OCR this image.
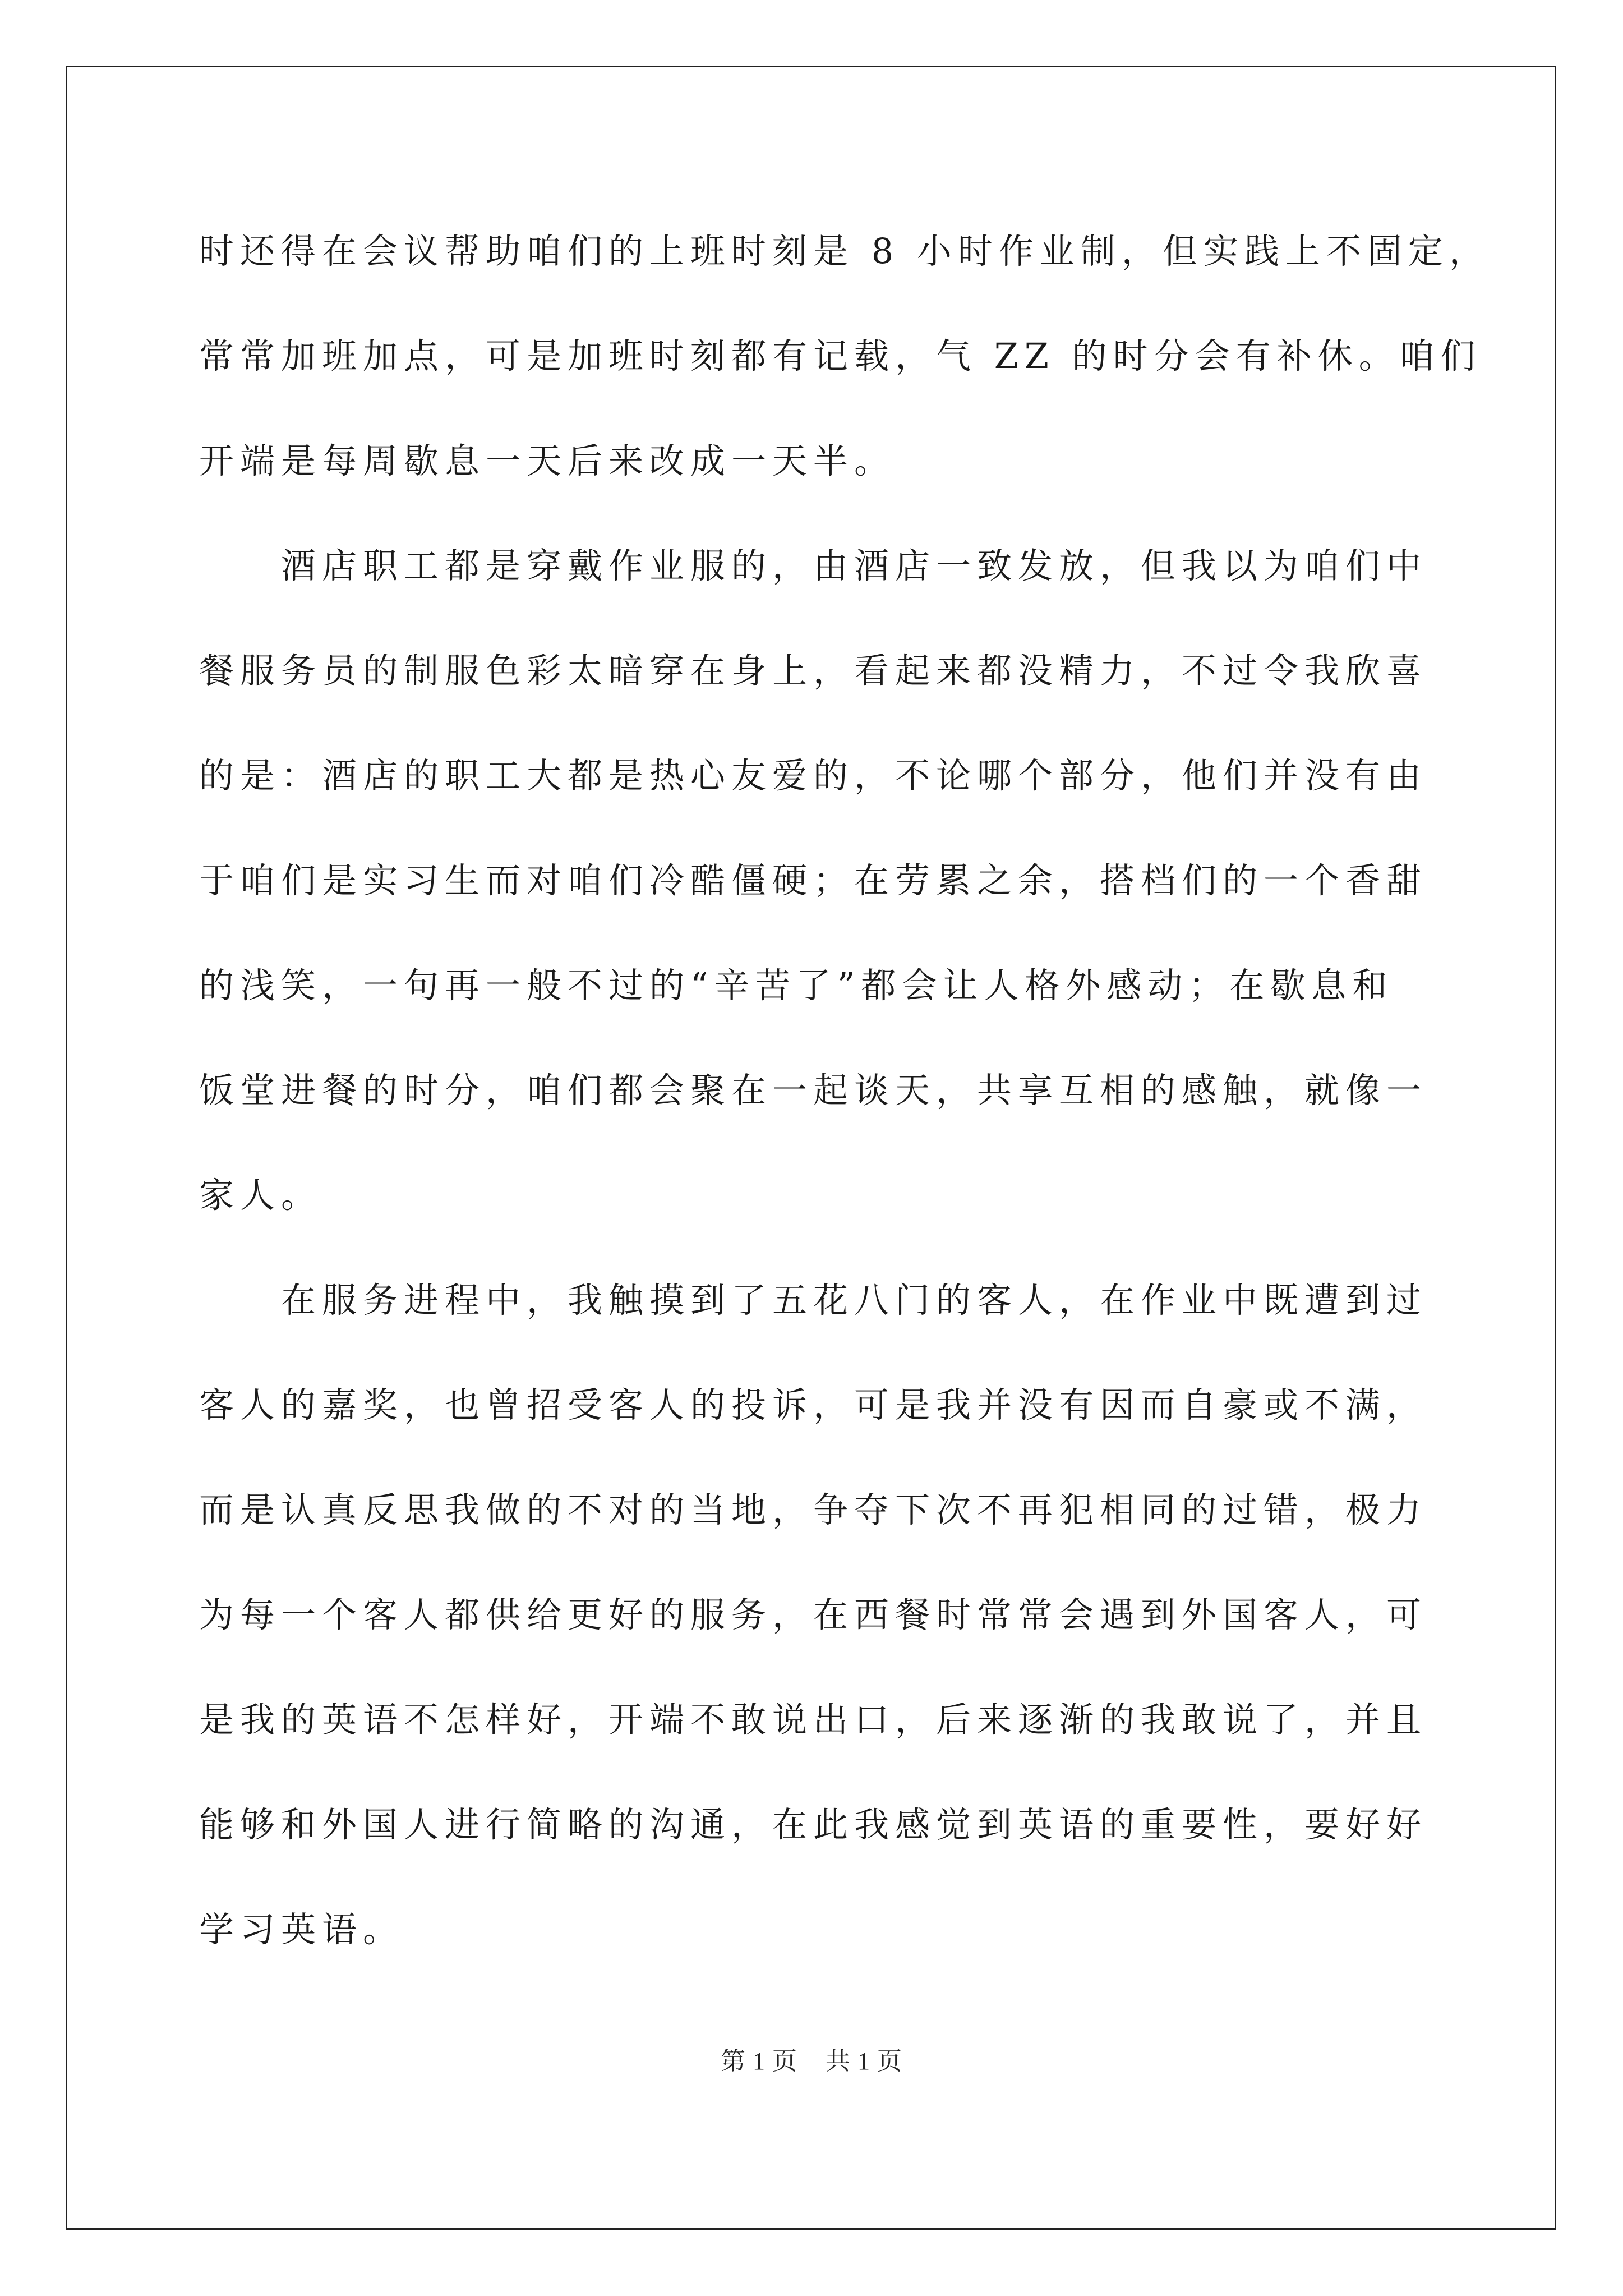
时还得在会议帮助咱们的上班时刻是 8 小时作业制，但实践上不固定，
常常加班加点，可是加班时刻都有记载，气 ZZ 的时分会有补休。咱们
开端是每周歇息一天后来改成一天半。
酒店职工都是穿戴作业服的，由酒店一致发放，但我以为咱们中
餐服务员的制服色彩太暗穿在身上，看起来都没精力，不过令我欣喜
的是：酒店的职工大都是热心友爱的，不论哪个部分，他们并没有由
于咱们是实习生而对咱们冷酷僵硬；在劳累之余，搭档们的一个香甜
的浅笑，一句再一般不过的“辛苦了”都会让人格外感动；在歇息和
饭堂进餐的时分，咱们都会聚在一起谈天，共享互相的感触，就像一
家人。
在服务进程中，我触摸到了五花八门的客人，在作业中既遭到过
客人的嘉奖，也曾招受客人的投诉，可是我并没有因而自豪或不满，
而是认真反思我做的不对的当地，争夺下次不再犯相同的过错，极力
为每一个客人都供给更好的服务，在西餐时常常会遇到外国客人，可
是我的英语不怎样好，开端不敢说出口，后来逐渐的我敢说了，并且
能够和外国人进行简略的沟通，在此我感觉到英语的重要性，要好好
学习英语。
第 1 页 共 1 页
